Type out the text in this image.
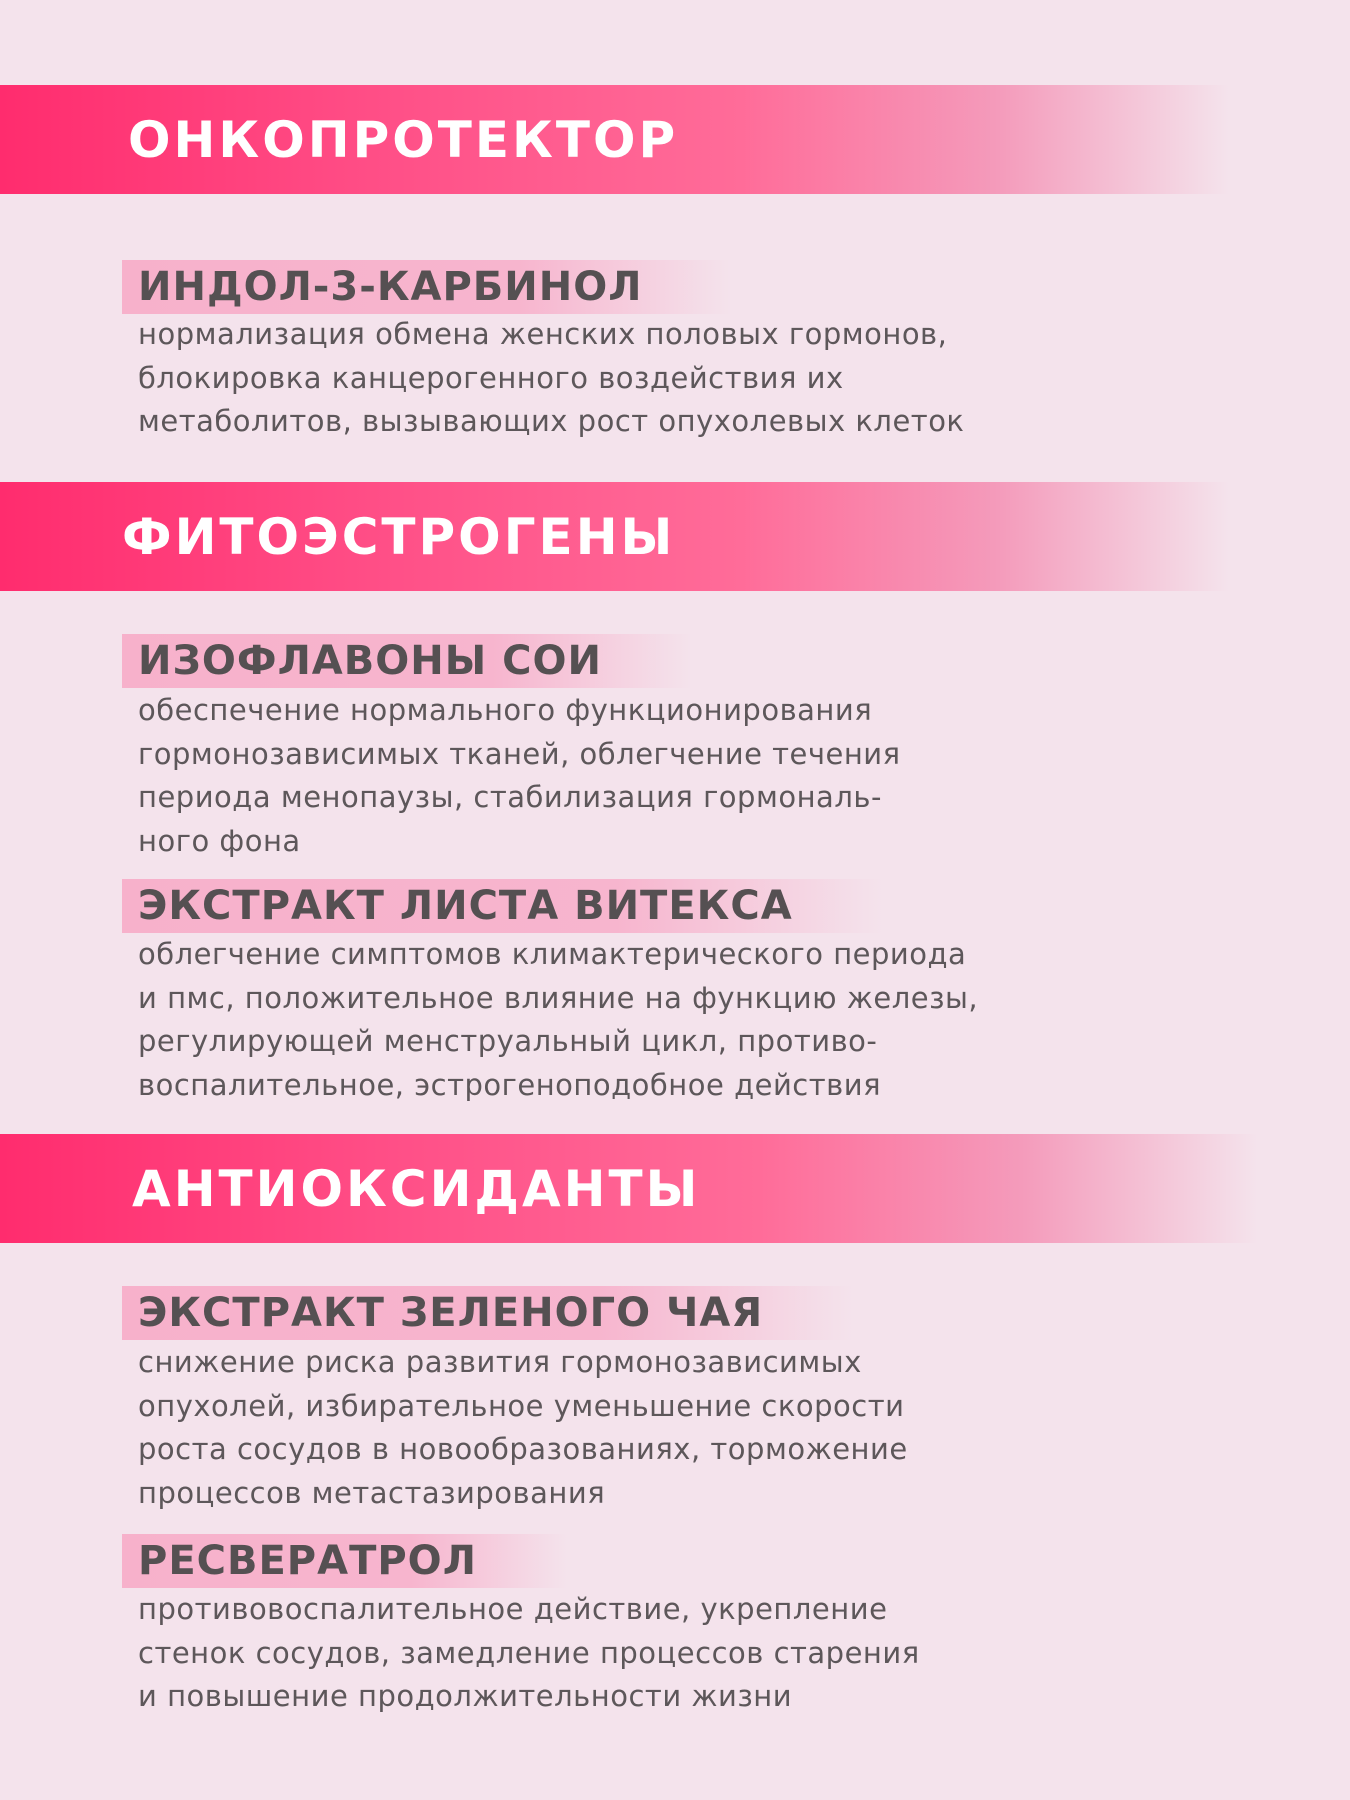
ОНКОПРОТЕКТОР
ИНДОЛ-3-КАРБИНОЛ
нормализация обмена женских половых гормонов,
блокировка канцерогенного воздействия их
метаболитов, вызывающих рост опухолевых клеток
ФИТОЭСТРОГЕНЫ
ИЗОФЛАВОНЫ СОИ
обеспечение нормального функционирования
гормонозависимых тканей, облегчение течения
периода менопаузы, стабилизация гормональ-
ного фона
ЭКСТРАКТ ЛИСТА ВИТЕКСА
облегчение симптомов климактерического периода
и пмс, положительное влияние на функцию железы,
регулирующей менструальный цикл, противо-
воспалительное, эстрогеноподобное действия
АНТИОКСИДАНТЫ
ЭКСТРАКТ ЗЕЛЕНОГО ЧАЯ
снижение риска развития гормонозависимых
опухолей, избирательное уменьшение скорости
роста сосудов в новообразованиях, торможение
процессов метастазирования
РЕСВЕРАТРОЛ
противовоспалительное действие, укрепление
стенок сосудов, замедление процессов старения
и повышение продолжительности жизни
